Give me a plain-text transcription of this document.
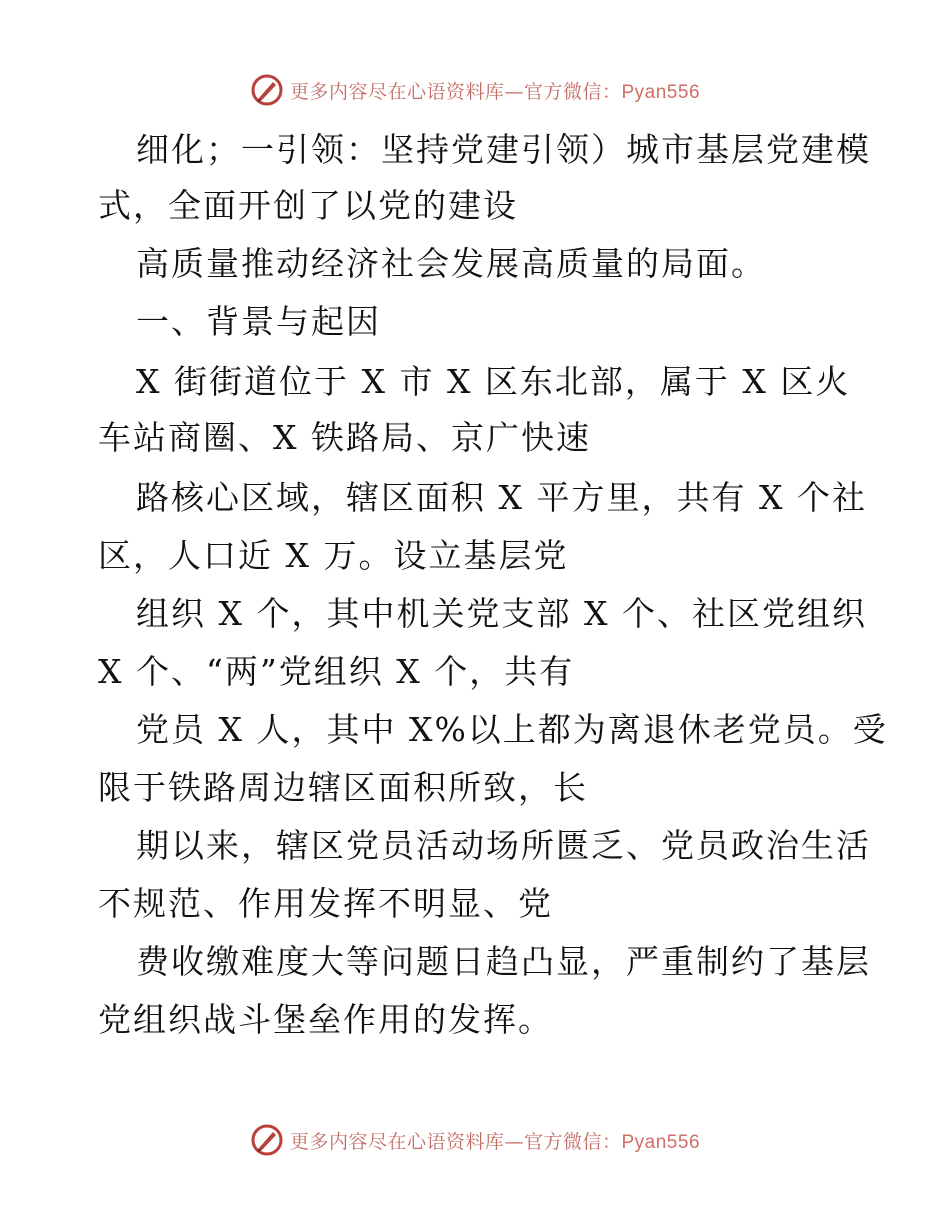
更多内容尽在心语资料库—官方微信：Pyan556
细化；一引领：坚持党建引领）城市基层党建模
式，全面开创了以党的建设
高质量推动经济社会发展高质量的局面。
一、背景与起因
X 街街道位于 X 市 X 区东北部，属于 X 区火
车站商圈、X 铁路局、京广快速
路核心区域，辖区面积 X 平方里，共有 X 个社
区，人口近 X 万。设立基层党
组织 X 个，其中机关党支部 X 个、社区党组织
X 个、“两”党组织 X 个，共有
党员 X 人，其中 X%以上都为离退休老党员。受
限于铁路周边辖区面积所致，长
期以来，辖区党员活动场所匮乏、党员政治生活
不规范、作用发挥不明显、党
费收缴难度大等问题日趋凸显，严重制约了基层
党组织战斗堡垒作用的发挥。
更多内容尽在心语资料库—官方微信：Pyan556
